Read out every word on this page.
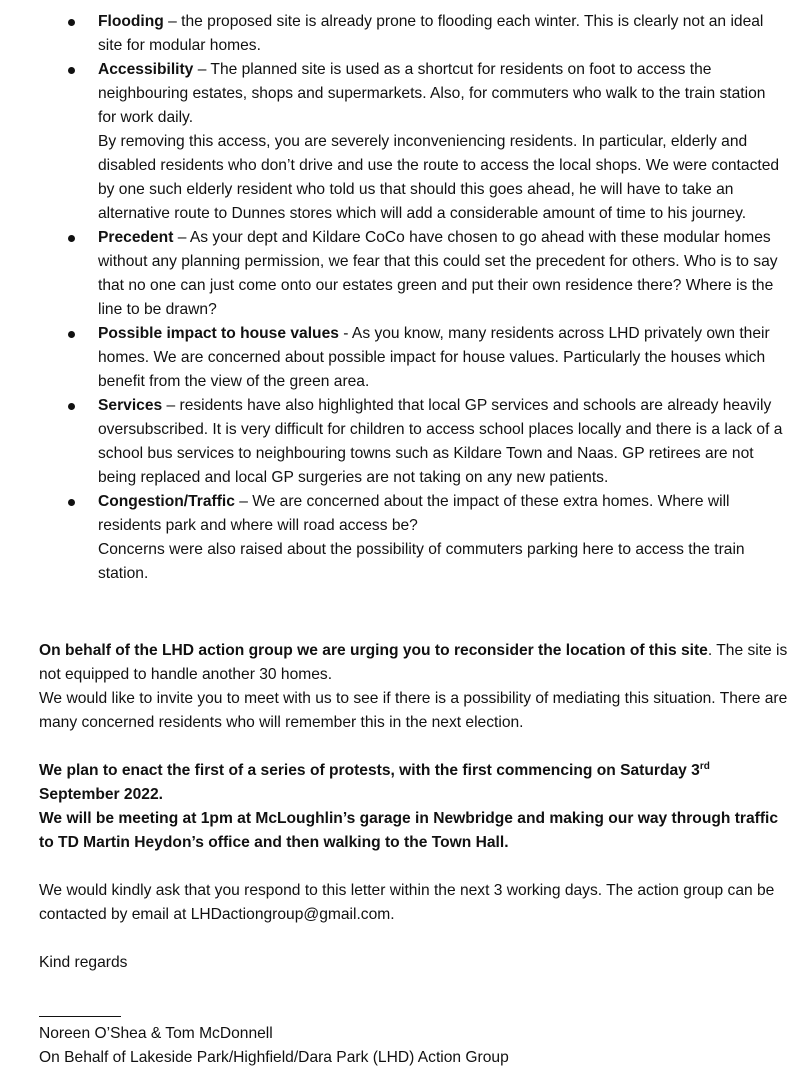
Flooding – the proposed site is already prone to flooding each winter. This is clearly not an ideal site for modular homes.

Accessibility – The planned site is used as a shortcut for residents on foot to access the neighbouring estates, shops and supermarkets. Also, for commuters who walk to the train station for work daily.

By removing this access, you are severely inconveniencing residents. In particular, elderly and disabled residents who don’t drive and use the route to access the local shops. We were contacted by one such elderly resident who told us that should this goes ahead, he will have to take an alternative route to Dunnes stores which will add a considerable amount of time to his journey.

Precedent – As your dept and Kildare CoCo have chosen to go ahead with these modular homes without any planning permission, we fear that this could set the precedent for others. Who is to say that no one can just come onto our estates green and put their own residence there? Where is the line to be drawn?

Possible impact to house values - As you know, many residents across LHD privately own their homes. We are concerned about possible impact for house values. Particularly the houses which benefit from the view of the green area.

Services – residents have also highlighted that local GP services and schools are already heavily oversubscribed. It is very difficult for children to access school places locally and there is a lack of a school bus services to neighbouring towns such as Kildare Town and Naas. GP retirees are not being replaced and local GP surgeries are not taking on any new patients.

Congestion/Traffic – We are concerned about the impact of these extra homes. Where will residents park and where will road access be?

Concerns were also raised about the possibility of commuters parking here to access the train station.

On behalf of the LHD action group we are urging you to reconsider the location of this site. The site is not equipped to handle another 30 homes.

We would like to invite you to meet with us to see if there is a possibility of mediating this situation. There are many concerned residents who will remember this in the next election.

We plan to enact the first of a series of protests, with the first commencing on Saturday 3rd September 2022.

We will be meeting at 1pm at McLoughlin’s garage in Newbridge and making our way through traffic to TD Martin Heydon’s office and then walking to the Town Hall.

We would kindly ask that you respond to this letter within the next 3 working days. The action group can be contacted by email at LHDactiongroup@gmail.com.

Kind regards

Noreen O’Shea & Tom McDonnell

On Behalf of Lakeside Park/Highfield/Dara Park (LHD) Action Group
